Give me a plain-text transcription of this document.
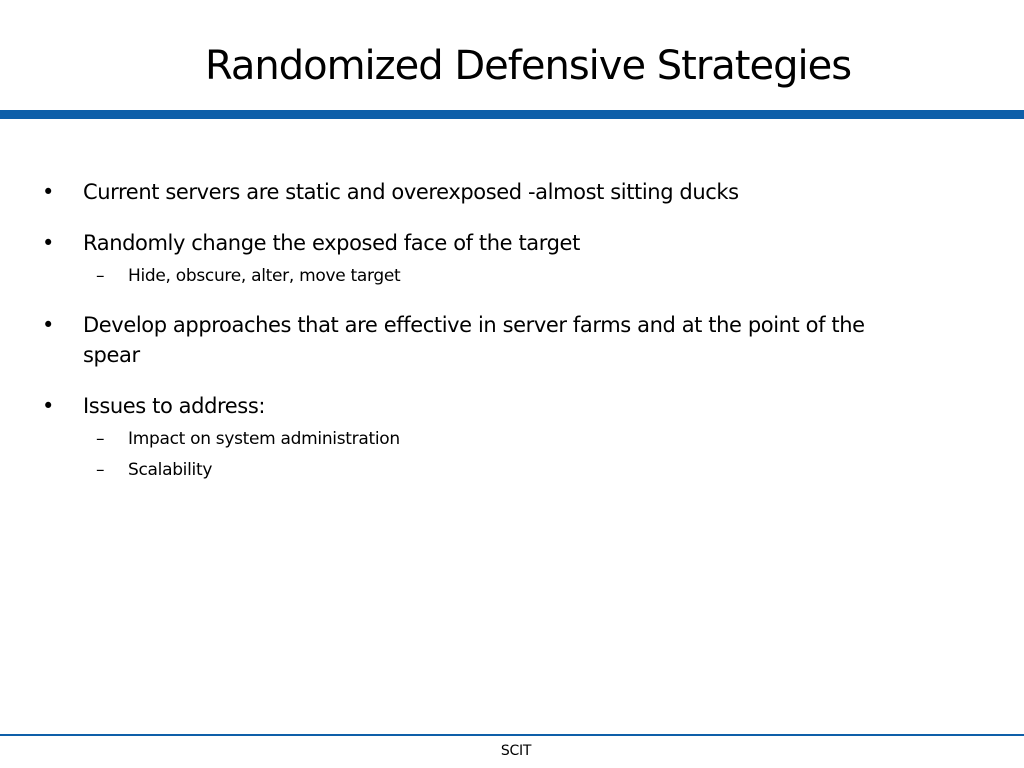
Randomized Defensive Strategies
•	Current servers are static and overexposed -almost sitting ducks
•	Randomly change the exposed face of the target
– Hide, obscure, alter, move target
•	Develop approaches that are effective in server farms and at the point of the spear
•	Issues to address:
– Impact on system administration
– Scalability
SCIT
